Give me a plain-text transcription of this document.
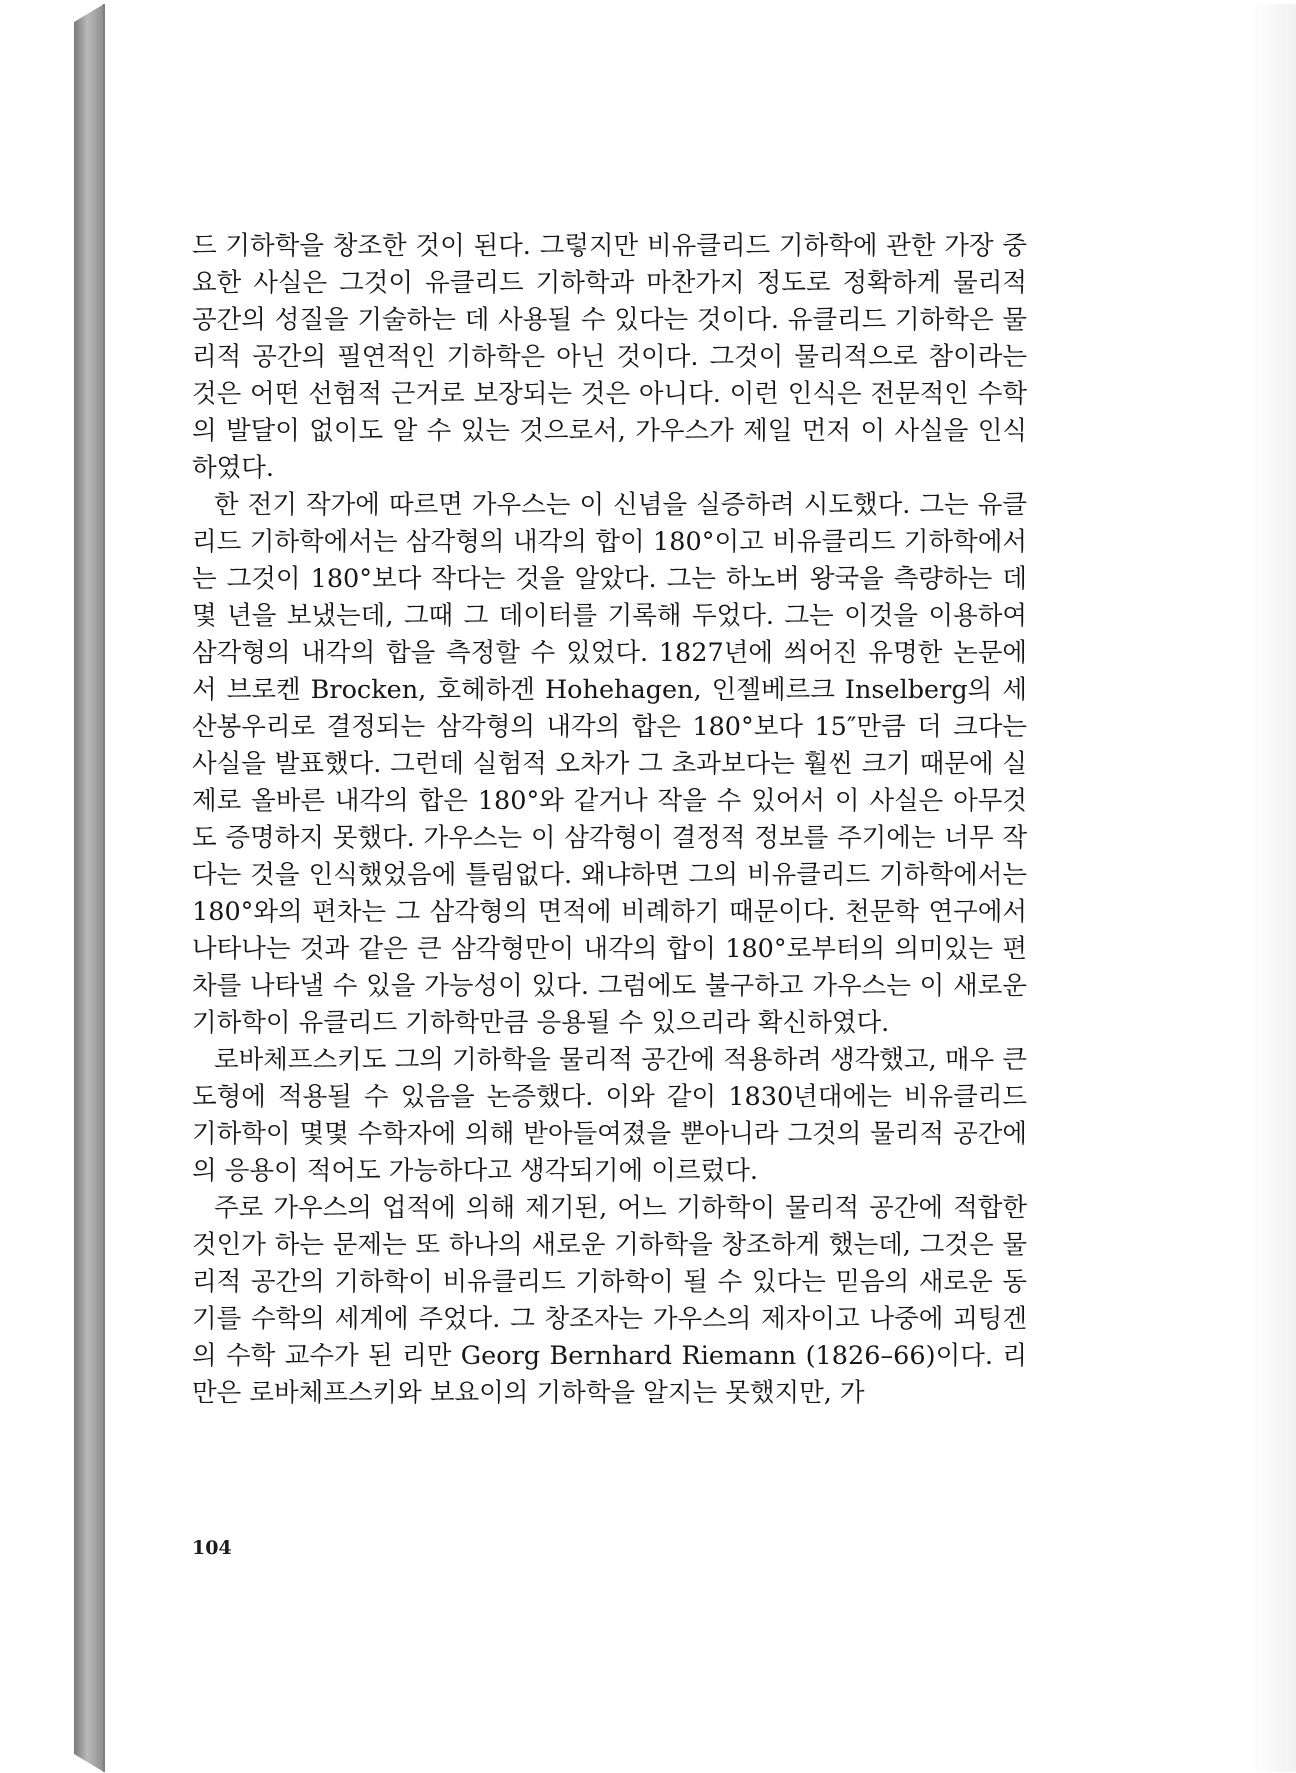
드 기하학을 창조한 것이 된다. 그렇지만 비유클리드 기하학에 관한 가장 중요한 사실은 그것이 유클리드 기하학과 마찬가지 정도로 정확하게 물리적 공간의 성질을 기술하는 데 사용될 수 있다는 것이다. 유클리드 기하학은 물리적 공간의 필연적인 기하학은 아닌 것이다. 그것이 물리적으로 참이라는 것은 어떤 선험적 근거로 보장되는 것은 아니다. 이런 인식은 전문적인 수학의 발달이 없이도 알 수 있는 것으로서, 가우스가 제일 먼저 이 사실을 인식하였다.

한 전기 작가에 따르면 가우스는 이 신념을 실증하려 시도했다. 그는 유클리드 기하학에서는 삼각형의 내각의 합이 180°이고 비유클리드 기하학에서는 그것이 180°보다 작다는 것을 알았다. 그는 하노버 왕국을 측량하는 데 몇 년을 보냈는데, 그때 그 데이터를 기록해 두었다. 그는 이것을 이용하여 삼각형의 내각의 합을 측정할 수 있었다. 1827년에 씌어진 유명한 논문에서 브로켄 Brocken, 호헤하겐 Hohehagen, 인젤베르크 Inselberg의 세 산봉우리로 결정되는 삼각형의 내각의 합은 180°보다 15″만큼 더 크다는 사실을 발표했다. 그런데 실험적 오차가 그 초과보다는 훨씬 크기 때문에 실제로 올바른 내각의 합은 180°와 같거나 작을 수 있어서 이 사실은 아무것도 증명하지 못했다. 가우스는 이 삼각형이 결정적 정보를 주기에는 너무 작다는 것을 인식했었음에 틀림없다. 왜냐하면 그의 비유클리드 기하학에서는 180°와의 편차는 그 삼각형의 면적에 비례하기 때문이다. 천문학 연구에서 나타나는 것과 같은 큰 삼각형만이 내각의 합이 180°로부터의 의미있는 편차를 나타낼 수 있을 가능성이 있다. 그럼에도 불구하고 가우스는 이 새로운 기하학이 유클리드 기하학만큼 응용될 수 있으리라 확신하였다.

로바체프스키도 그의 기하학을 물리적 공간에 적용하려 생각했고, 매우 큰 도형에 적용될 수 있음을 논증했다. 이와 같이 1830년대에는 비유클리드 기하학이 몇몇 수학자에 의해 받아들여졌을 뿐아니라 그것의 물리적 공간에의 응용이 적어도 가능하다고 생각되기에 이르렀다.

주로 가우스의 업적에 의해 제기된, 어느 기하학이 물리적 공간에 적합한 것인가 하는 문제는 또 하나의 새로운 기하학을 창조하게 했는데, 그것은 물리적 공간의 기하학이 비유클리드 기하학이 될 수 있다는 믿음의 새로운 동기를 수학의 세계에 주었다. 그 창조자는 가우스의 제자이고 나중에 괴팅겐의 수학 교수가 된 리만 Georg Bernhard Riemann (1826–66)이다. 리만은 로바체프스키와 보요이의 기하학을 알지는 못했지만, 가

104
